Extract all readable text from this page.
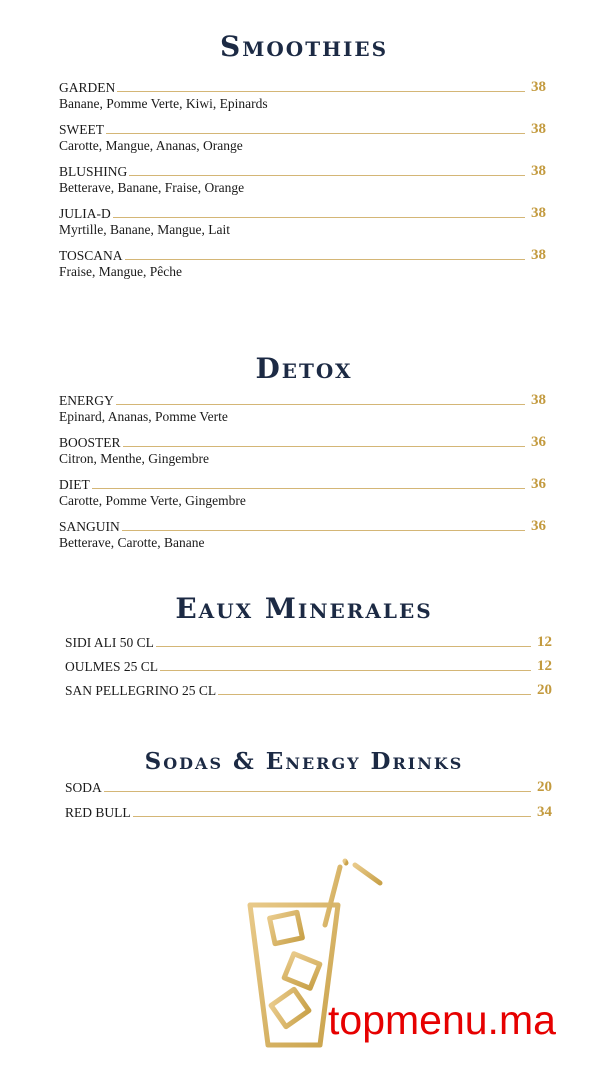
Smoothies
GARDEN	38
Banane, Pomme Verte, Kiwi, Epinards
SWEET	38
Carotte, Mangue, Ananas, Orange
BLUSHING	38
Betterave, Banane, Fraise, Orange
JULIA-D	38
Myrtille, Banane, Mangue, Lait
TOSCANA	38
Fraise, Mangue, Pêche
Detox
ENERGY	38
Epinard, Ananas, Pomme Verte
BOOSTER	36
Citron, Menthe, Gingembre
DIET	36
Carotte, Pomme Verte, Gingembre
SANGUIN	36
Betterave, Carotte, Banane
Eaux Minerales
SIDI ALI 50 CL	12
OULMES 25 CL	12
SAN PELLEGRINO 25 CL	20
Sodas & Energy Drinks
SODA	20
RED BULL	34
topmenu.ma
